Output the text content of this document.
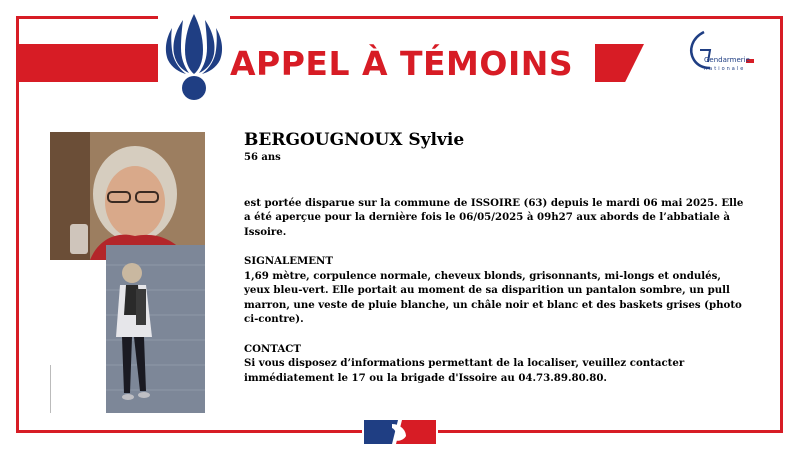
APPEL À TÉMOINS	Gendarmerie
nationale
BERGOUGNOUX Sylvie
56 ans
est portée disparue sur la commune de ISSOIRE (63) depuis le mardi 06 mai 2025. Elle a été aperçue pour la dernière fois le 06/05/2025 à 09h27 aux abords de l’abbatiale à Issoire.
SIGNALEMENT
1,69 mètre, corpulence normale, cheveux blonds, grisonnants, mi-longs et ondulés, yeux bleu-vert. Elle portait au moment de sa disparition un pantalon sombre, un pull marron, une veste de pluie blanche, un châle noir et blanc et des baskets grises (photo ci-contre).
CONTACT
Si vous disposez d’informations permettant de la localiser, veuillez contacter immédiatement le 17 ou la brigade d'Issoire au 04.73.89.80.80.
